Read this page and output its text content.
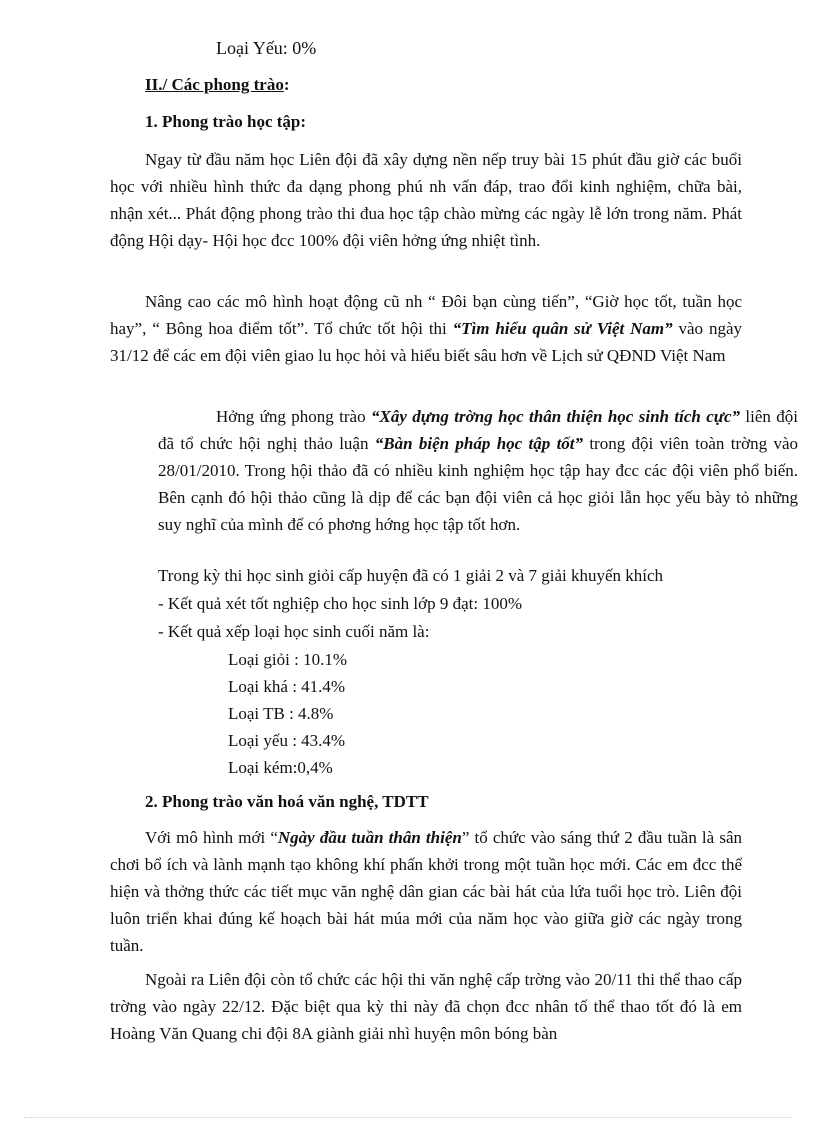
Loại Yếu: 0%

II./ Các phong trào:

1. Phong trào học tập:

Ngay từ đầu năm học Liên đội đã xây dựng nền nếp truy bài 15 phút đầu giờ các buổi học với nhiều hình thức đa dạng phong phú nh vấn đáp, trao đổi kinh nghiệm, chữa bài, nhận xét... Phát động phong trào thi đua học tập chào mừng các ngày lễ lớn trong năm. Phát động Hội dạy- Hội học đcc 100% đội viên hởng ứng nhiệt tình.

Nâng cao các mô hình hoạt động cũ nh “ Đôi bạn cùng tiến”, “Giờ học tốt, tuần học hay”, “ Bông hoa điểm tốt”. Tổ chức tốt hội thi “Tìm hiểu quân sử Việt Nam” vào ngày 31/12 để các em đội viên giao lu học hỏi và hiểu biết sâu hơn về Lịch sử QĐND Việt Nam

Hởng ứng phong trào “Xây dựng trờng học thân thiện học sinh tích cực” liên đội đã tổ chức hội nghị thảo luận “Bàn biện pháp học tập tốt” trong đội viên toàn trờng vào 28/01/2010. Trong hội thảo đã có nhiều kinh nghiệm học tập hay đcc các đội viên phổ biến. Bên cạnh đó hội thảo cũng là dịp để các bạn đội viên cả học giỏi lẫn học yếu bày tỏ những suy nghĩ của mình để có phơng hớng học tập tốt hơn.

Trong kỳ thi học sinh giỏi cấp huyện đã có 1 giải 2 và 7 giải khuyến khích

- Kết quả xét tốt nghiệp cho học sinh lớp 9 đạt: 100%

- Kết quả xếp loại học sinh cuối năm là:

Loại giỏi : 10.1%

Loại khá : 41.4%

Loại TB : 4.8%

Loại yếu : 43.4%

Loại kém:0,4%

2. Phong trào văn hoá văn nghệ, TDTT

Với mô hình mới “Ngày đầu tuần thân thiện” tổ chức vào sáng thứ 2 đầu tuần là sân chơi bổ ích và lành mạnh tạo không khí phấn khởi trong một tuần học mới. Các em đcc thể hiện và thởng thức các tiết mục văn nghệ dân gian các bài hát của lứa tuổi học trò. Liên đội luôn triển khai đúng kế hoạch bài hát múa mới của năm học vào giữa giờ các ngày trong tuần.

Ngoài ra Liên đội còn tổ chức các hội thi văn nghệ cấp trờng vào 20/11 thi thể thao cấp trờng vào ngày 22/12. Đặc biệt qua kỳ thi này đã chọn đcc nhân tố thể thao tốt đó là em Hoàng Văn Quang chi đội 8A giành giải nhì huyện môn bóng bàn
